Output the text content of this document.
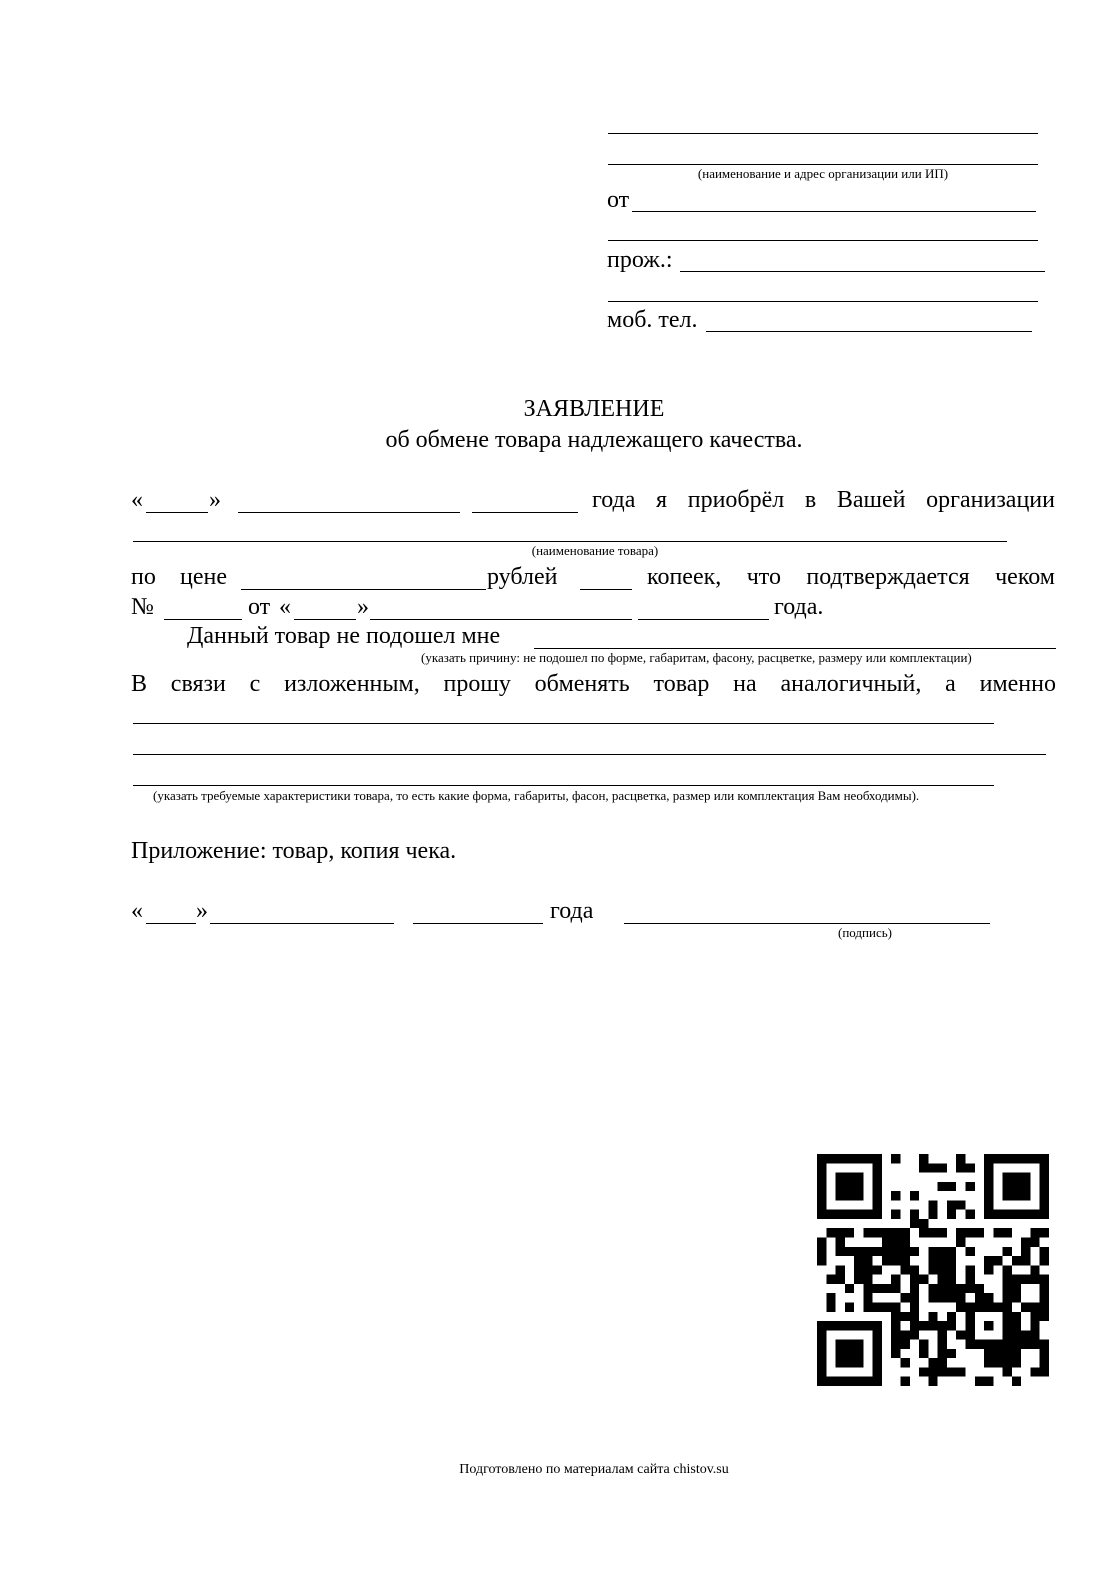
(наименование и адрес организации или ИП)
от
прож.:
моб. тел.
ЗАЯВЛЕНИЕ
об обмене товара надлежащего качества.
«	»	года я приобрёл в Вашей организации
(наименование товара)
по цене	рублей	копеек, что подтверждается чеком
№	от «	»	года.
Данный товар не подошел мне
(указать причину: не подошел по форме, габаритам, фасону, расцветке, размеру или комплектации)
В связи с изложенным, прошу обменять товар на аналогичный, а именно
(указать требуемые характеристики товара, то есть какие форма, габариты, фасон, расцветка, размер или комплектация Вам необходимы).
Приложение: товар, копия чека.
« »	года
(подпись)
Подготовлено по материалам сайта chistov.su
